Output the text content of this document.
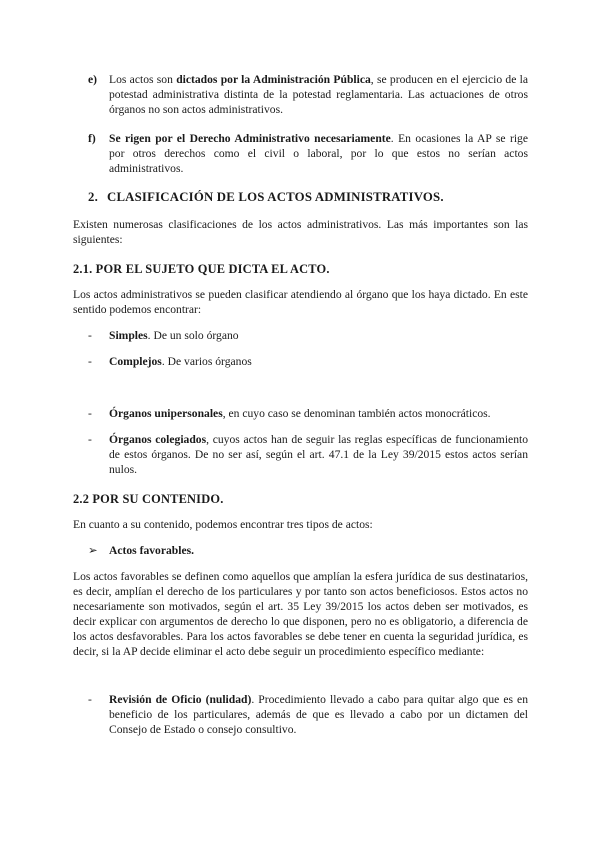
e) Los actos son dictados por la Administración Pública, se producen en el ejercicio de la potestad administrativa distinta de la potestad reglamentaria. Las actuaciones de otros órganos no son actos administrativos.

f) Se rigen por el Derecho Administrativo necesariamente. En ocasiones la AP se rige por otros derechos como el civil o laboral, por lo que estos no serían actos administrativos.

2. CLASIFICACIÓN DE LOS ACTOS ADMINISTRATIVOS.

Existen numerosas clasificaciones de los actos administrativos. Las más importantes son las siguientes:

2.1. POR EL SUJETO QUE DICTA EL ACTO.

Los actos administrativos se pueden clasificar atendiendo al órgano que los haya dictado. En este sentido podemos encontrar:

- Simples. De un solo órgano

- Complejos. De varios órganos

- Órganos unipersonales, en cuyo caso se denominan también actos monocráticos.

- Órganos colegiados, cuyos actos han de seguir las reglas específicas de funcionamiento de estos órganos. De no ser así, según el art. 47.1 de la Ley 39/2015 estos actos serían nulos.

2.2 POR SU CONTENIDO.

En cuanto a su contenido, podemos encontrar tres tipos de actos:

➢ Actos favorables.

Los actos favorables se definen como aquellos que amplían la esfera jurídica de sus destinatarios, es decir, amplían el derecho de los particulares y por tanto son actos beneficiosos. Estos actos no necesariamente son motivados, según el art. 35 Ley 39/2015 los actos deben ser motivados, es decir explicar con argumentos de derecho lo que disponen, pero no es obligatorio, a diferencia de los actos desfavorables. Para los actos favorables se debe tener en cuenta la seguridad jurídica, es decir, si la AP decide eliminar el acto debe seguir un procedimiento específico mediante:

- Revisión de Oficio (nulidad). Procedimiento llevado a cabo para quitar algo que es en beneficio de los particulares, además de que es llevado a cabo por un dictamen del Consejo de Estado o consejo consultivo.
